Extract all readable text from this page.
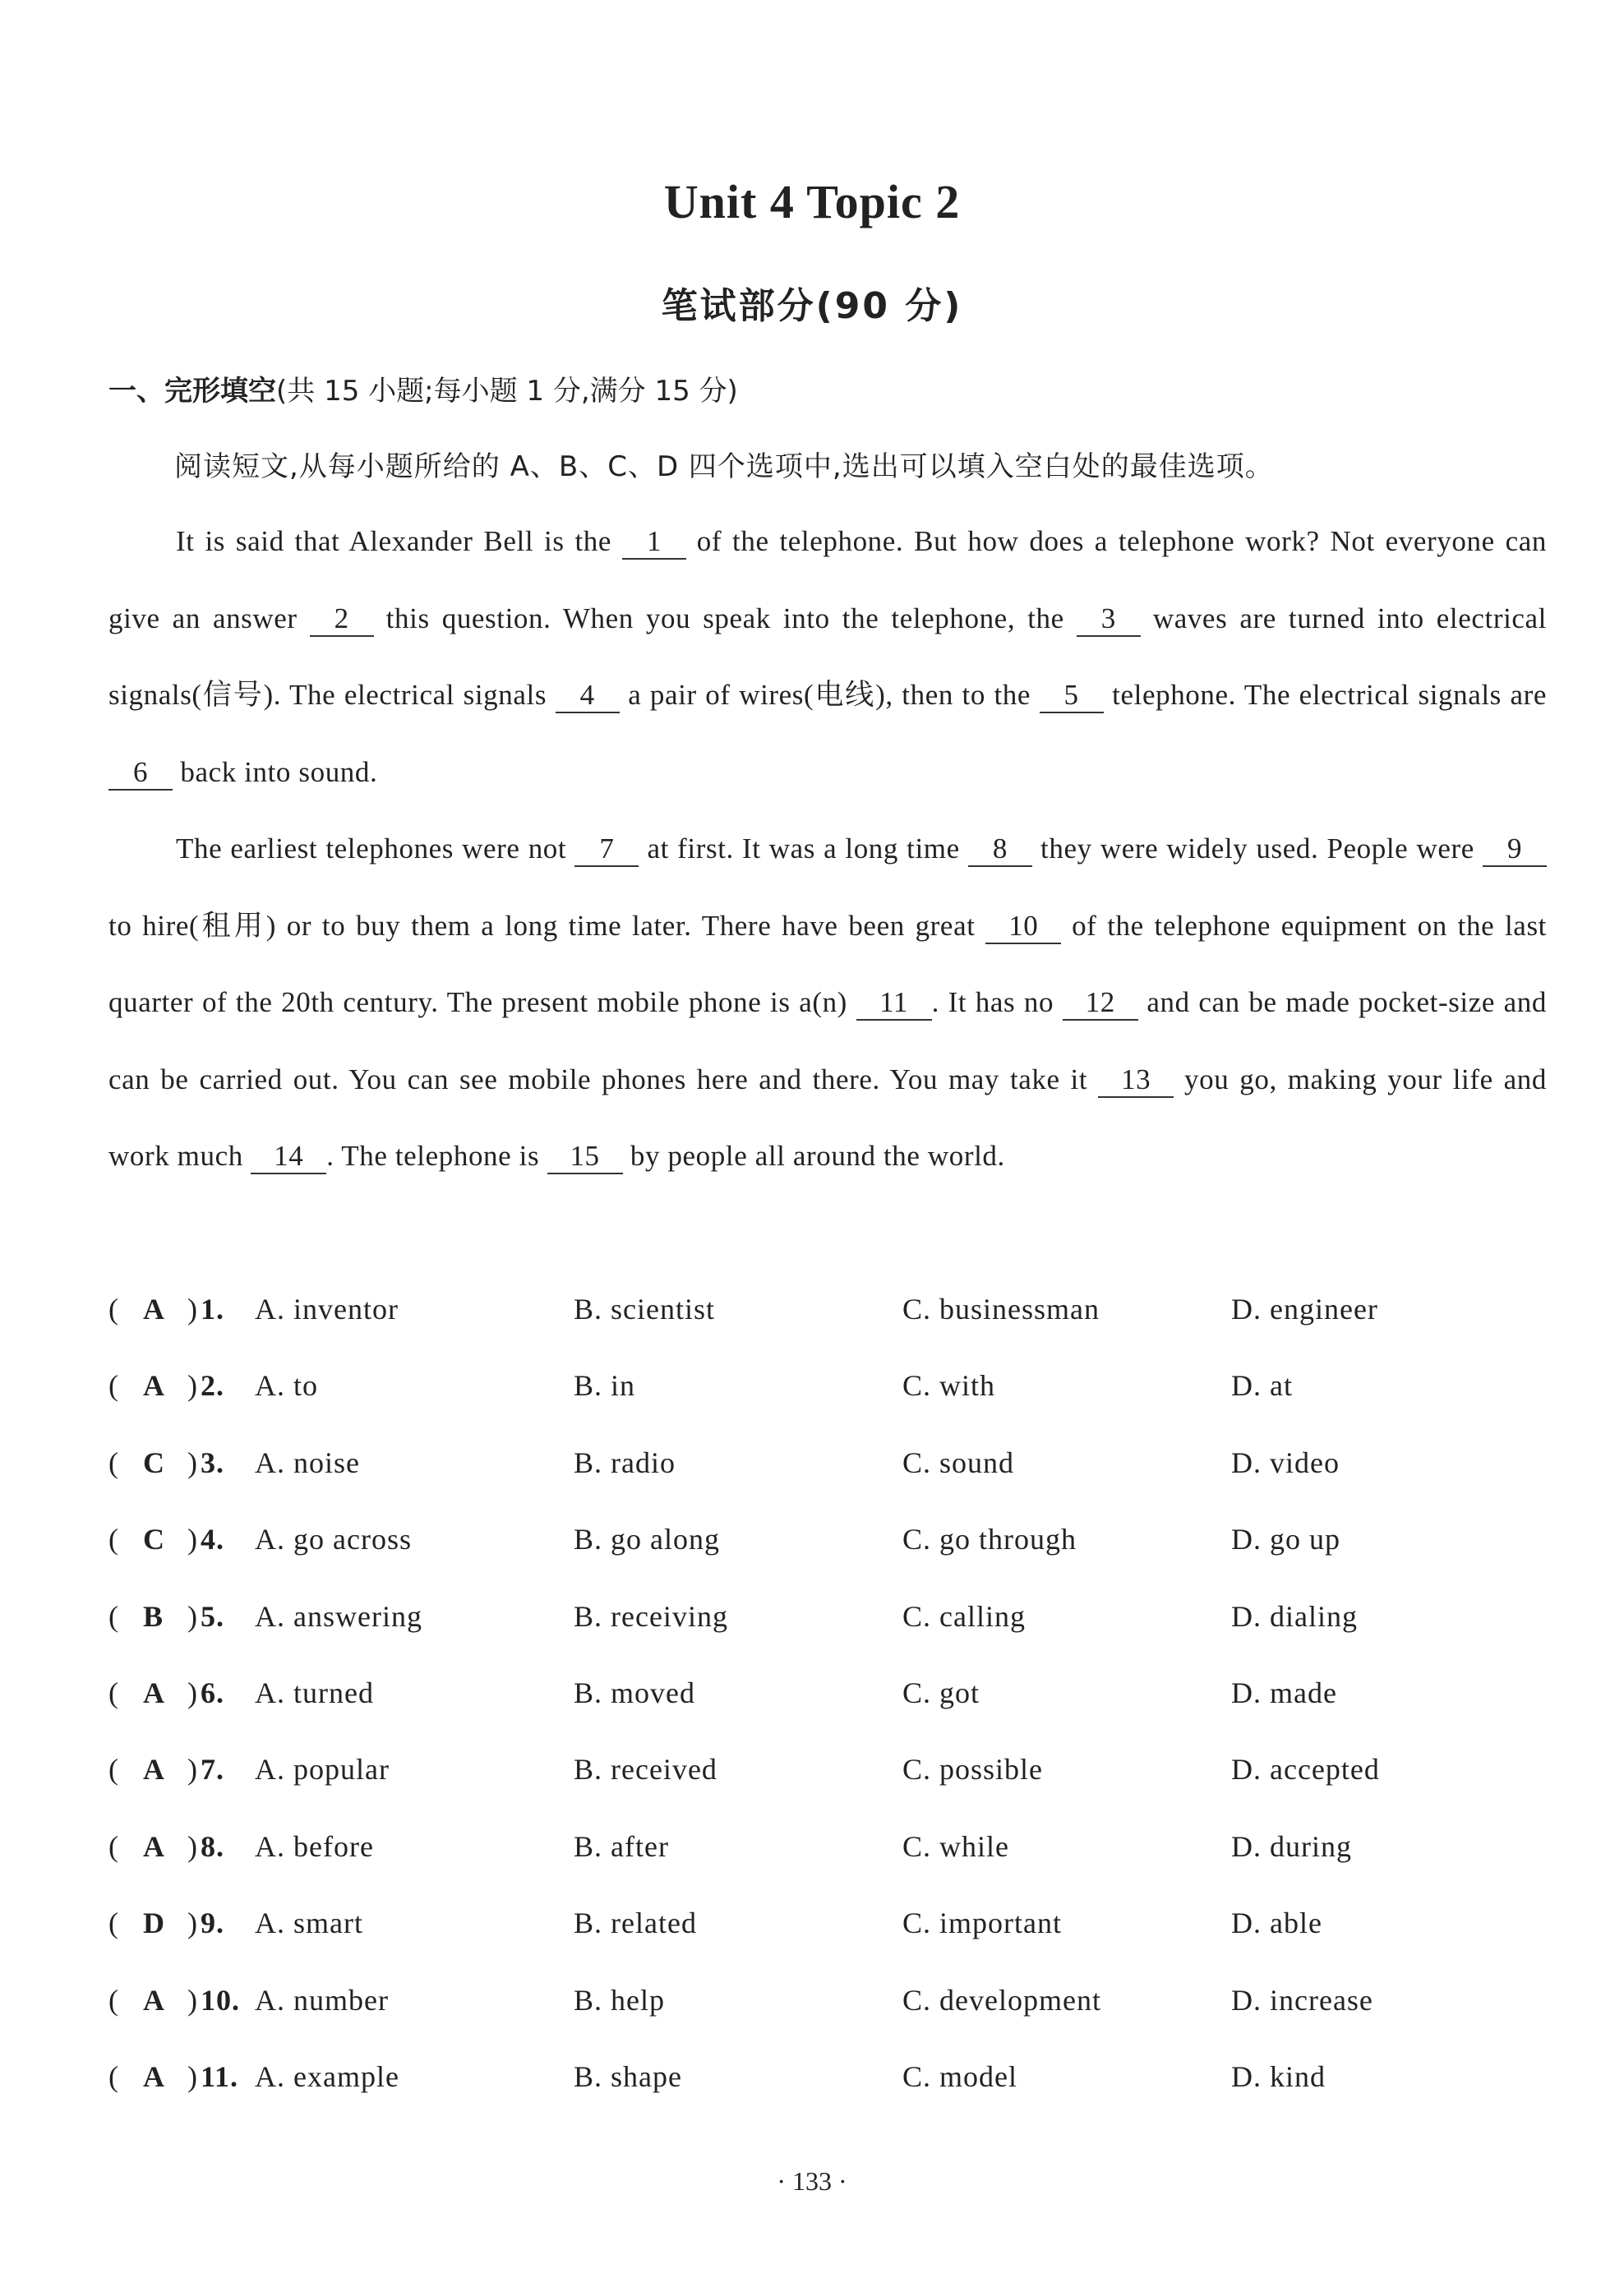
Unit 4 Topic 2
笔试部分(90 分)
一、完形填空(共 15 小题;每小题 1 分,满分 15 分)
阅读短文,从每小题所给的 A、B、C、D 四个选项中,选出可以填入空白处的最佳选项。

It is said that Alexander Bell is the 1 of the telephone. But how does a telephone work? Not everyone can give an answer 2 this question. When you speak into the telephone, the 3 waves are turned into electrical signals(信号). The electrical signals 4 a pair of wires(电线), then to the 5 telephone. The electrical signals are 6 back into sound.

The earliest telephones were not 7 at first. It was a long time 8 they were widely used. People were 9 to hire(租用) or to buy them a long time later. There have been great 10 of the telephone equipment on the last quarter of the 20th century. The present mobile phone is a(n) 11 . It has no 12 and can be made pocket-size and can be carried out. You can see mobile phones here and there. You may take it 13 you go, making your life and work much 14 . The telephone is 15 by people all around the world.

( A ) 1. A. inventor	B. scientist	C. businessman	D. engineer
( A ) 2. A. to	B. in	C. with	D. at
( C ) 3. A. noise	B. radio	C. sound	D. video
( C ) 4. A. go across	B. go along	C. go through	D. go up
( B ) 5. A. answering	B. receiving	C. calling	D. dialing
( A ) 6. A. turned	B. moved	C. got	D. made
( A ) 7. A. popular	B. received	C. possible	D. accepted
( A ) 8. A. before	B. after	C. while	D. during
( D ) 9. A. smart	B. related	C. important	D. able
( A ) 10. A. number	B. help	C. development	D. increase
( A ) 11. A. example	B. shape	C. model	D. kind
· 133 ·
